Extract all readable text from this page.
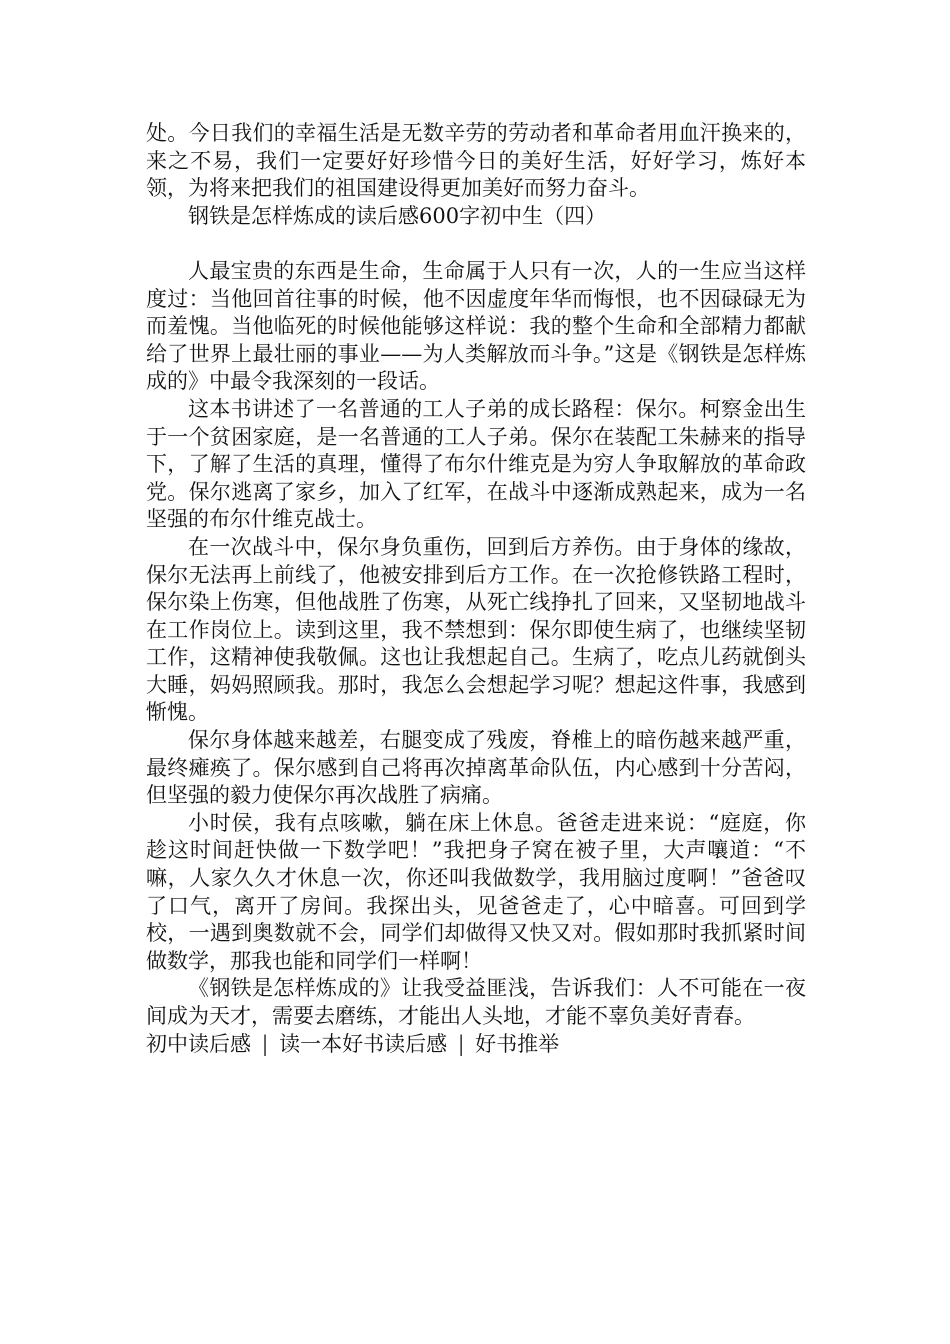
处。今日我们的幸福生活是无数辛劳的劳动者和革命者用血汗换来的，来之不易，我们一定要好好珍惜今日的美好生活，好好学习，炼好本领，为将来把我们的祖国建设得更加美好而努力奋斗。

钢铁是怎样炼成的读后感600字初中生（四）

人最宝贵的东西是生命，生命属于人只有一次，人的一生应当这样度过：当他回首往事的时候，他不因虚度年华而悔恨，也不因碌碌无为而羞愧。当他临死的时候他能够这样说：我的整个生命和全部精力都献给了世界上最壮丽的事业——为人类解放而斗争。”这是《钢铁是怎样炼成的》中最令我深刻的一段话。

这本书讲述了一名普通的工人子弟的成长路程：保尔。柯察金出生于一个贫困家庭，是一名普通的工人子弟。保尔在装配工朱赫来的指导下，了解了生活的真理，懂得了布尔什维克是为穷人争取解放的革命政党。保尔逃离了家乡，加入了红军，在战斗中逐渐成熟起来，成为一名坚强的布尔什维克战士。

在一次战斗中，保尔身负重伤，回到后方养伤。由于身体的缘故，保尔无法再上前线了，他被安排到后方工作。在一次抢修铁路工程时，保尔染上伤寒，但他战胜了伤寒，从死亡线挣扎了回来，又坚韧地战斗在工作岗位上。读到这里，我不禁想到：保尔即使生病了，也继续坚韧工作，这精神使我敬佩。这也让我想起自己。生病了，吃点儿药就倒头大睡，妈妈照顾我。那时，我怎么会想起学习呢？想起这件事，我感到惭愧。

保尔身体越来越差，右腿变成了残废，脊椎上的暗伤越来越严重，最终瘫痪了。保尔感到自己将再次掉离革命队伍，内心感到十分苦闷，但坚强的毅力使保尔再次战胜了病痛。

小时侯，我有点咳嗽，躺在床上休息。爸爸走进来说：“庭庭，你趁这时间赶快做一下数学吧！”我把身子窝在被子里，大声嚷道：“不嘛，人家久久才休息一次，你还叫我做数学，我用脑过度啊！”爸爸叹了口气，离开了房间。我探出头，见爸爸走了，心中暗喜。可回到学校，一遇到奥数就不会，同学们却做得又快又对。假如那时我抓紧时间做数学，那我也能和同学们一样啊！

《钢铁是怎样炼成的》让我受益匪浅，告诉我们：人不可能在一夜间成为天才，需要去磨练，才能出人头地，才能不辜负美好青春。

初中读后感 | 读一本好书读后感 | 好书推举
